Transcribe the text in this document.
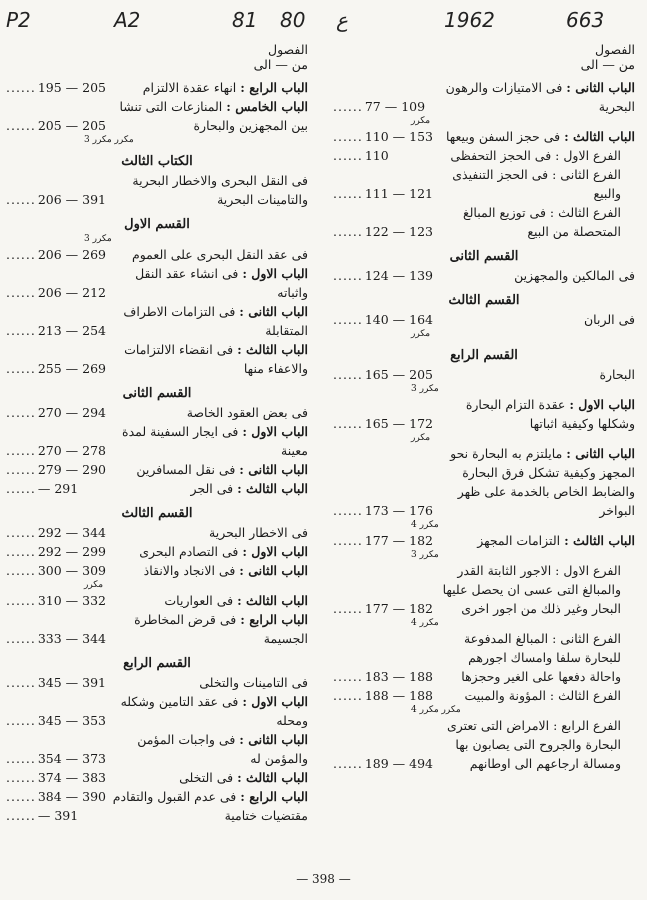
P2	A2	81 80 ع	1962	663
الفصول
من — الى
الباب الثانى : فى الامتيازات والرهون البحرية
...... 77 — 109
مكرر
الباب الثالث : فى حجز السفن وبيعها
...... 110 — 153
الفرع الاول : فى الحجز التحفظى
...... 110
الفرع الثانى : فى الحجز التنفيذى والبيع
...... 111 — 121
الفرع الثالث : فى توزيع المبالغ المتحصلة من البيع
...... 122 — 123
القسم الثانى
فى المالكين والمجهزين
...... 124 — 139
القسم الثالث
فى الربان
...... 140 — 164
مكرر
القسم الرابع
البحارة
...... 165 — 205
مكرر 3
الباب الاول : عقدة التزام البحارة وشكلها وكيفية اثباتها
...... 165 — 172
مكرر
الباب الثانى : مايلتزم به البحارة نحو المجهز وكيفية تشكل فرق البحارة والضابط الخاص بالخدمة على ظهر البواخر
...... 173 — 176
مكرر 4
الباب الثالث : التزامات المجهز
...... 177 — 182
مكرر 3
الفرع الاول : الاجور الثابتة القدر والمبالغ التى عسى ان يحصل عليها البحار وغير ذلك من اجور اخرى
...... 177 — 182
مكرر 4
الفرع الثانى : المبالغ المدفوعة للبحارة سلفا وامساك اجورهم واحالة دفعها على الغير وحجزها
...... 183 — 188
الفرع الثالث : المؤونة والمبيت
...... 188 — 188
مكرر مكرر 4
الفرع الرابع : الامراض التى تعترى البحارة والجروح التى يصابون بها ومسالة ارجاعهم الى اوطانهم
...... 189 — 494
الفصول
من — الى
الباب الرابع : انهاء عقدة الالتزام
...... 195 — 205
الباب الخامس : المنازعات التى تنشا بين المجهزين والبحارة
...... 205 — 205
مكرر مكرر 3
الكتاب الثالث
فى النقل البحرى والاخطار البحرية والتامينات البحرية
...... 206 — 391
القسم الاول
مكرر 3
فى عقد النقل البحرى على العموم
...... 206 — 269
الباب الاول : فى انشاء عقد النقل واثباته
...... 206 — 212
الباب الثانى : فى التزامات الاطراف المتقابلة
...... 213 — 254
الباب الثالث : فى انقضاء الالتزامات والاعفاء منها
...... 255 — 269
القسم الثانى
فى بعض العقود الخاصة
...... 270 — 294
الباب الاول : فى ايجار السفينة لمدة معينة
...... 270 — 278
الباب الثانى : فى نقل المسافرين
...... 279 — 290
الباب الثالث : فى الجر
...... — 291
القسم الثالث
فى الاخطار البحرية
...... 292 — 344
الباب الاول : فى التصادم البحرى
...... 292 — 299
الباب الثانى : فى الانجاد والانقاذ
...... 300 — 309
مكرر
الباب الثالث : فى العواريات
...... 310 — 332
الباب الرابع : فى قرض المخاطرة الجسيمة
...... 333 — 344
القسم الرابع
فى التامينات والتخلى
...... 345 — 391
الباب الاول : فى عقد التامين وشكله ومحله
...... 345 — 353
الباب الثانى : فى واجبات المؤمن والمؤمن له
...... 354 — 373
الباب الثالث : فى التخلى
...... 374 — 383
الباب الرابع : فى عدم القبول والتقادم
...... 384 — 390
مقتضيات ختامية
...... — 391
— 398 —
